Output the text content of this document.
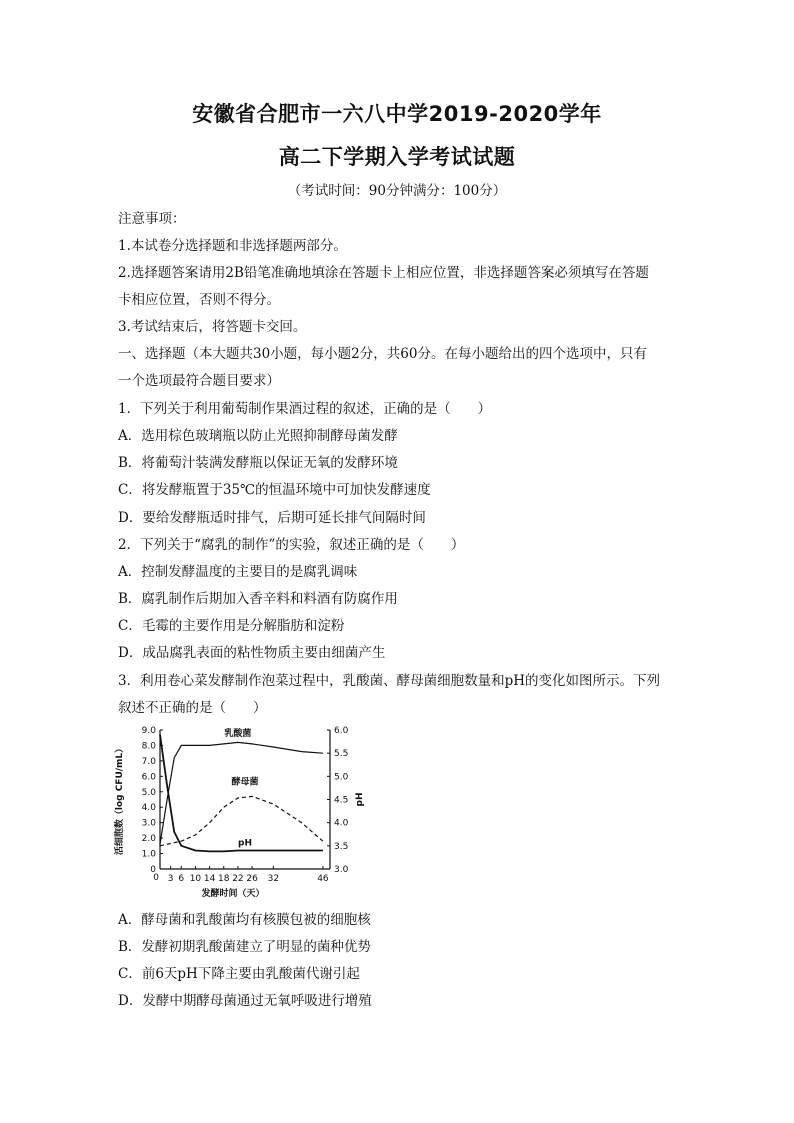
安徽省合肥市一六八中学2019-2020学年
高二下学期入学考试试题
（考试时间：90分钟满分：100分）
注意事项：
1.本试卷分选择题和非选择题两部分。
2.选择题答案请用2B铅笔准确地填涂在答题卡上相应位置，非选择题答案必须填写在答题
卡相应位置，否则不得分。
3.考试结束后，将答题卡交回。
一、选择题（本大题共30小题，每小题2分，共60分。在每小题给出的四个选项中，只有
一个选项最符合题目要求）
1．下列关于利用葡萄制作果酒过程的叙述，正确的是（　　）
A．选用棕色玻璃瓶以防止光照抑制酵母菌发酵
B．将葡萄汁装满发酵瓶以保证无氧的发酵环境
C．将发酵瓶置于35℃的恒温环境中可加快发酵速度
D．要给发酵瓶适时排气，后期可延长排气间隔时间
2．下列关于“腐乳的制作”的实验，叙述正确的是（　　）
A．控制发酵温度的主要目的是腐乳调味
B．腐乳制作后期加入香辛料和料酒有防腐作用
C．毛霉的主要作用是分解脂肪和淀粉
D．成品腐乳表面的粘性物质主要由细菌产生
3．利用卷心菜发酵制作泡菜过程中，乳酸菌、酵母菌细胞数量和pH的变化如图所示。下列
叙述不正确的是（　　）
0
1.0
2.0
3.0
4.0
5.0
6.0
7.0
8.0
9.0
3.0
3.5
4.0
4.5
5.0
5.5
6.0
0 3 6 10 14 18 22 26 32	46
发酵时间（天）
活细胞数（log CFU/mL）	pH
乳酸菌
酵母菌
pH
A．酵母菌和乳酸菌均有核膜包被的细胞核
B．发酵初期乳酸菌建立了明显的菌种优势
C．前6天pH下降主要由乳酸菌代谢引起
D．发酵中期酵母菌通过无氧呼吸进行增殖
